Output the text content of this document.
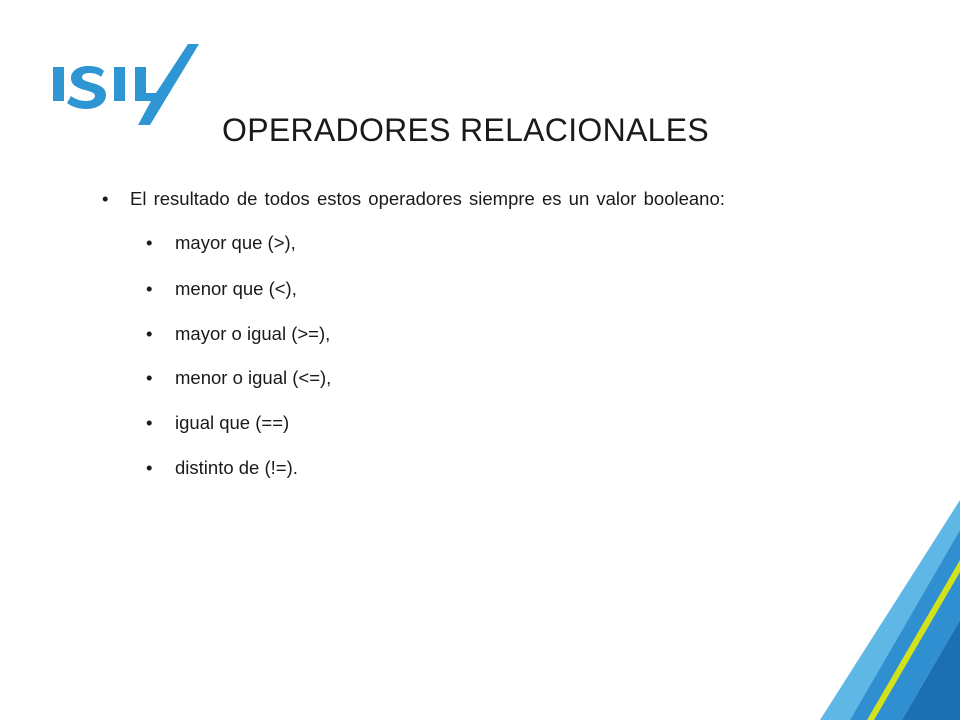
OPERADORES RELACIONALES
• El resultado de todos estos operadores siempre es un valor booleano:
• mayor que (>),
• menor que (<),
• mayor o igual (>=),
• menor o igual (<=),
• igual que (==)
• distinto de (!=).
